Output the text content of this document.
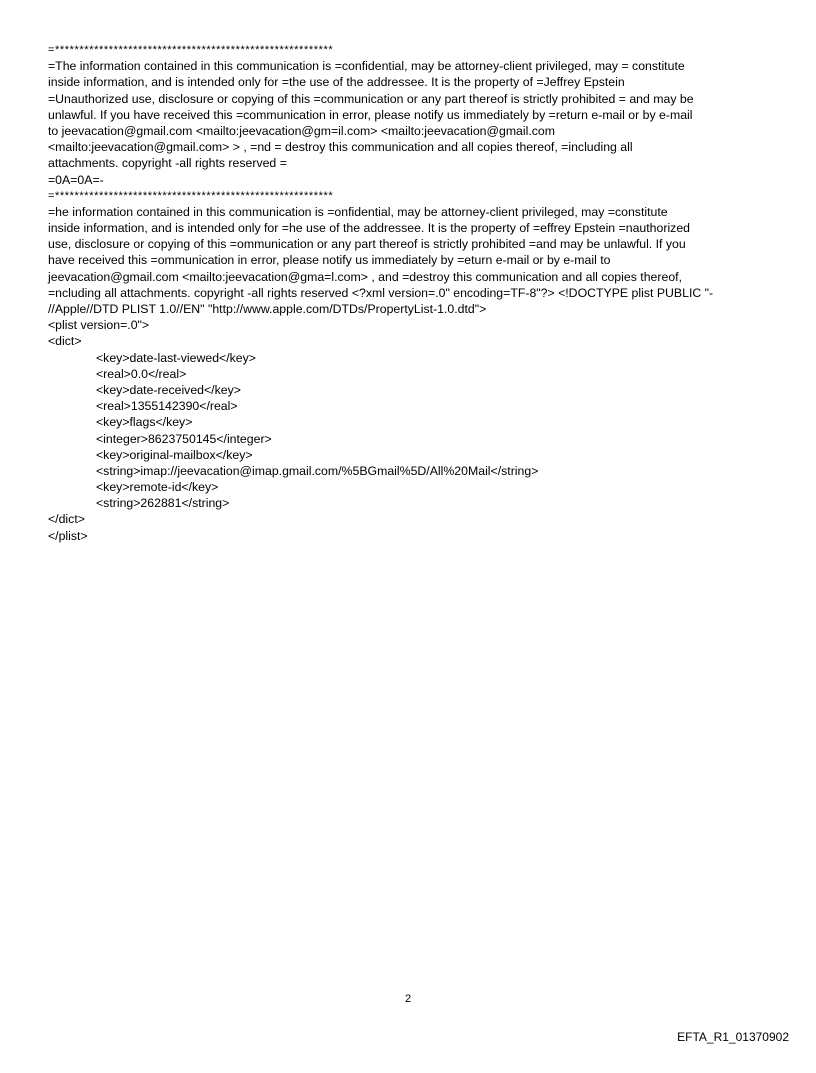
=*********************************************************
=The information contained in this communication is =confidential, may be attorney-client privileged, may = constitute
inside information, and is intended only for =the use of the addressee. It is the property of =Jeffrey Epstein
=Unauthorized use, disclosure or copying of this =communication or any part thereof is strictly prohibited = and may be
unlawful. If you have received this =communication in error, please notify us immediately by =return e-mail or by e-mail
to jeevacation@gmail.com <mailto:jeevacation@gm=il.com> <mailto:jeevacation@gmail.com
<mailto:jeevacation@gmail.com> > , =nd = destroy this communication and all copies thereof, =including all
attachments. copyright -all rights reserved =
=0A=0A=-
=*********************************************************
=he information contained in this communication is =onfidential, may be attorney-client privileged, may =constitute
inside information, and is intended only for =he use of the addressee. It is the property of =effrey Epstein =nauthorized
use, disclosure or copying of this =ommunication or any part thereof is strictly prohibited =and may be unlawful. If you
have received this =ommunication in error, please notify us immediately by =eturn e-mail or by e-mail to
jeevacation@gmail.com <mailto:jeevacation@gma=l.com> , and =destroy this communication and all copies thereof,
=ncluding all attachments. copyright -all rights reserved <?xml version=.0" encoding=TF-8"?> <!DOCTYPE plist PUBLIC "-
//Apple//DTD PLIST 1.0//EN" "http://www.apple.com/DTDs/PropertyList-1.0.dtd">
<plist version=.0">
<dict>
<key>date-last-viewed</key>
<real>0.0</real>
<key>date-received</key>
<real>1355142390</real>
<key>flags</key>
<integer>8623750145</integer>
<key>original-mailbox</key>
<string>imap://jeevacation@imap.gmail.com/%5BGmail%5D/All%20Mail</string>
<key>remote-id</key>
<string>262881</string>
</dict>
</plist>
2
EFTA_R1_01370902
